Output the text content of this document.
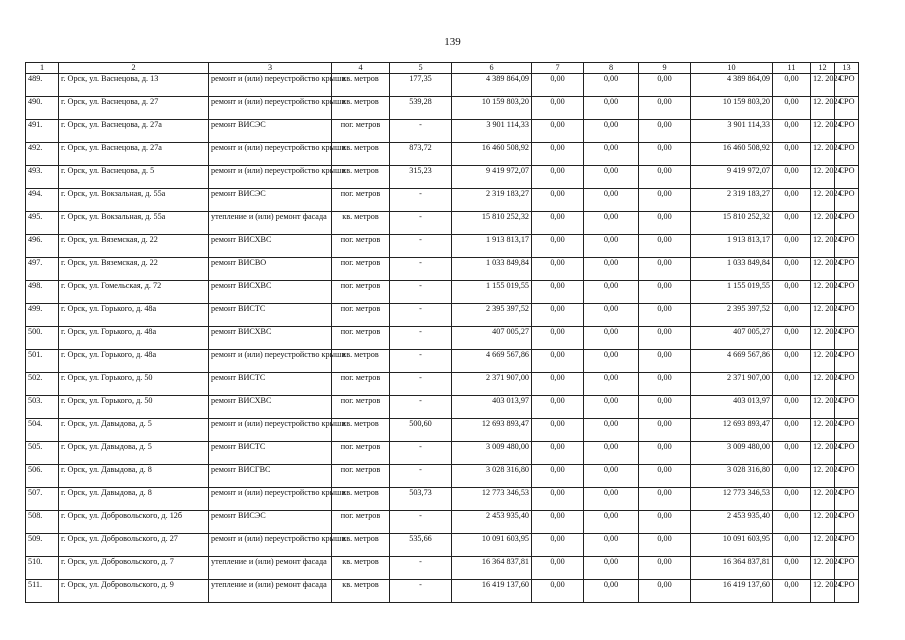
139
1	2	3	4	5	6	7	8	9	10	11	12	13
489.	г. Орск, ул. Васнецова, д. 13	ремонт и (или) переустройство крыши	кв. метров	177,35	4 389 864,09	0,00	0,00	0,00	4 389 864,09	0,00	12. 2024	СРО
490.	г. Орск, ул. Васнецова, д. 27	ремонт и (или) переустройство крыши	кв. метров	539,28	10 159 803,20	0,00	0,00	0,00	10 159 803,20	0,00	12. 2024	СРО
491.	г. Орск, ул. Васнецова, д. 27а	ремонт ВИСЭС	пог. метров	-	3 901 114,33	0,00	0,00	0,00	3 901 114,33	0,00	12. 2024	СРО
492.	г. Орск, ул. Васнецова, д. 27а	ремонт и (или) переустройство крыши	кв. метров	873,72	16 460 508,92	0,00	0,00	0,00	16 460 508,92	0,00	12. 2024	СРО
493.	г. Орск, ул. Васнецова, д. 5	ремонт и (или) переустройство крыши	кв. метров	315,23	9 419 972,07	0,00	0,00	0,00	9 419 972,07	0,00	12. 2024	СРО
494.	г. Орск, ул. Вокзальная, д. 55а	ремонт ВИСЭС	пог. метров	-	2 319 183,27	0,00	0,00	0,00	2 319 183,27	0,00	12. 2024	СРО
495.	г. Орск, ул. Вокзальная, д. 55а	утепление и (или) ремонт фасада	кв. метров	-	15 810 252,32	0,00	0,00	0,00	15 810 252,32	0,00	12. 2024	СРО
496.	г. Орск, ул. Вяземская, д. 22	ремонт ВИСХВС	пог. метров	-	1 913 813,17	0,00	0,00	0,00	1 913 813,17	0,00	12. 2024	СРО
497.	г. Орск, ул. Вяземская, д. 22	ремонт ВИСВО	пог. метров	-	1 033 849,84	0,00	0,00	0,00	1 033 849,84	0,00	12. 2024	СРО
498.	г. Орск, ул. Гомельская, д. 72	ремонт ВИСХВС	пог. метров	-	1 155 019,55	0,00	0,00	0,00	1 155 019,55	0,00	12. 2024	СРО
499.	г. Орск, ул. Горького, д. 48а	ремонт ВИСТС	пог. метров	-	2 395 397,52	0,00	0,00	0,00	2 395 397,52	0,00	12. 2024	СРО
500.	г. Орск, ул. Горького, д. 48а	ремонт ВИСХВС	пог. метров	-	407 005,27	0,00	0,00	0,00	407 005,27	0,00	12. 2024	СРО
501.	г. Орск, ул. Горького, д. 48а	ремонт и (или) переустройство крыши	кв. метров	-	4 669 567,86	0,00	0,00	0,00	4 669 567,86	0,00	12. 2024	СРО
502.	г. Орск, ул. Горького, д. 50	ремонт ВИСТС	пог. метров	-	2 371 907,00	0,00	0,00	0,00	2 371 907,00	0,00	12. 2024	СРО
503.	г. Орск, ул. Горького, д. 50	ремонт ВИСХВС	пог. метров	-	403 013,97	0,00	0,00	0,00	403 013,97	0,00	12. 2024	СРО
504.	г. Орск, ул. Давыдова, д. 5	ремонт и (или) переустройство крыши	кв. метров	500,60	12 693 893,47	0,00	0,00	0,00	12 693 893,47	0,00	12. 2024	СРО
505.	г. Орск, ул. Давыдова, д. 5	ремонт ВИСТС	пог. метров	-	3 009 480,00	0,00	0,00	0,00	3 009 480,00	0,00	12. 2024	СРО
506.	г. Орск, ул. Давыдова, д. 8	ремонт ВИСГВС	пог. метров	-	3 028 316,80	0,00	0,00	0,00	3 028 316,80	0,00	12. 2024	СРО
507.	г. Орск, ул. Давыдова, д. 8	ремонт и (или) переустройство крыши	кв. метров	503,73	12 773 346,53	0,00	0,00	0,00	12 773 346,53	0,00	12. 2024	СРО
508.	г. Орск, ул. Добровольского, д. 12б	ремонт ВИСЭС	пог. метров	-	2 453 935,40	0,00	0,00	0,00	2 453 935,40	0,00	12. 2024	СРО
509.	г. Орск, ул. Добровольского, д. 27	ремонт и (или) переустройство крыши	кв. метров	535,66	10 091 603,95	0,00	0,00	0,00	10 091 603,95	0,00	12. 2024	СРО
510.	г. Орск, ул. Добровольского, д. 7	утепление и (или) ремонт фасада	кв. метров	-	16 364 837,81	0,00	0,00	0,00	16 364 837,81	0,00	12. 2024	СРО
511.	г. Орск, ул. Добровольского, д. 9	утепление и (или) ремонт фасада	кв. метров	-	16 419 137,60	0,00	0,00	0,00	16 419 137,60	0,00	12. 2024	СРО
